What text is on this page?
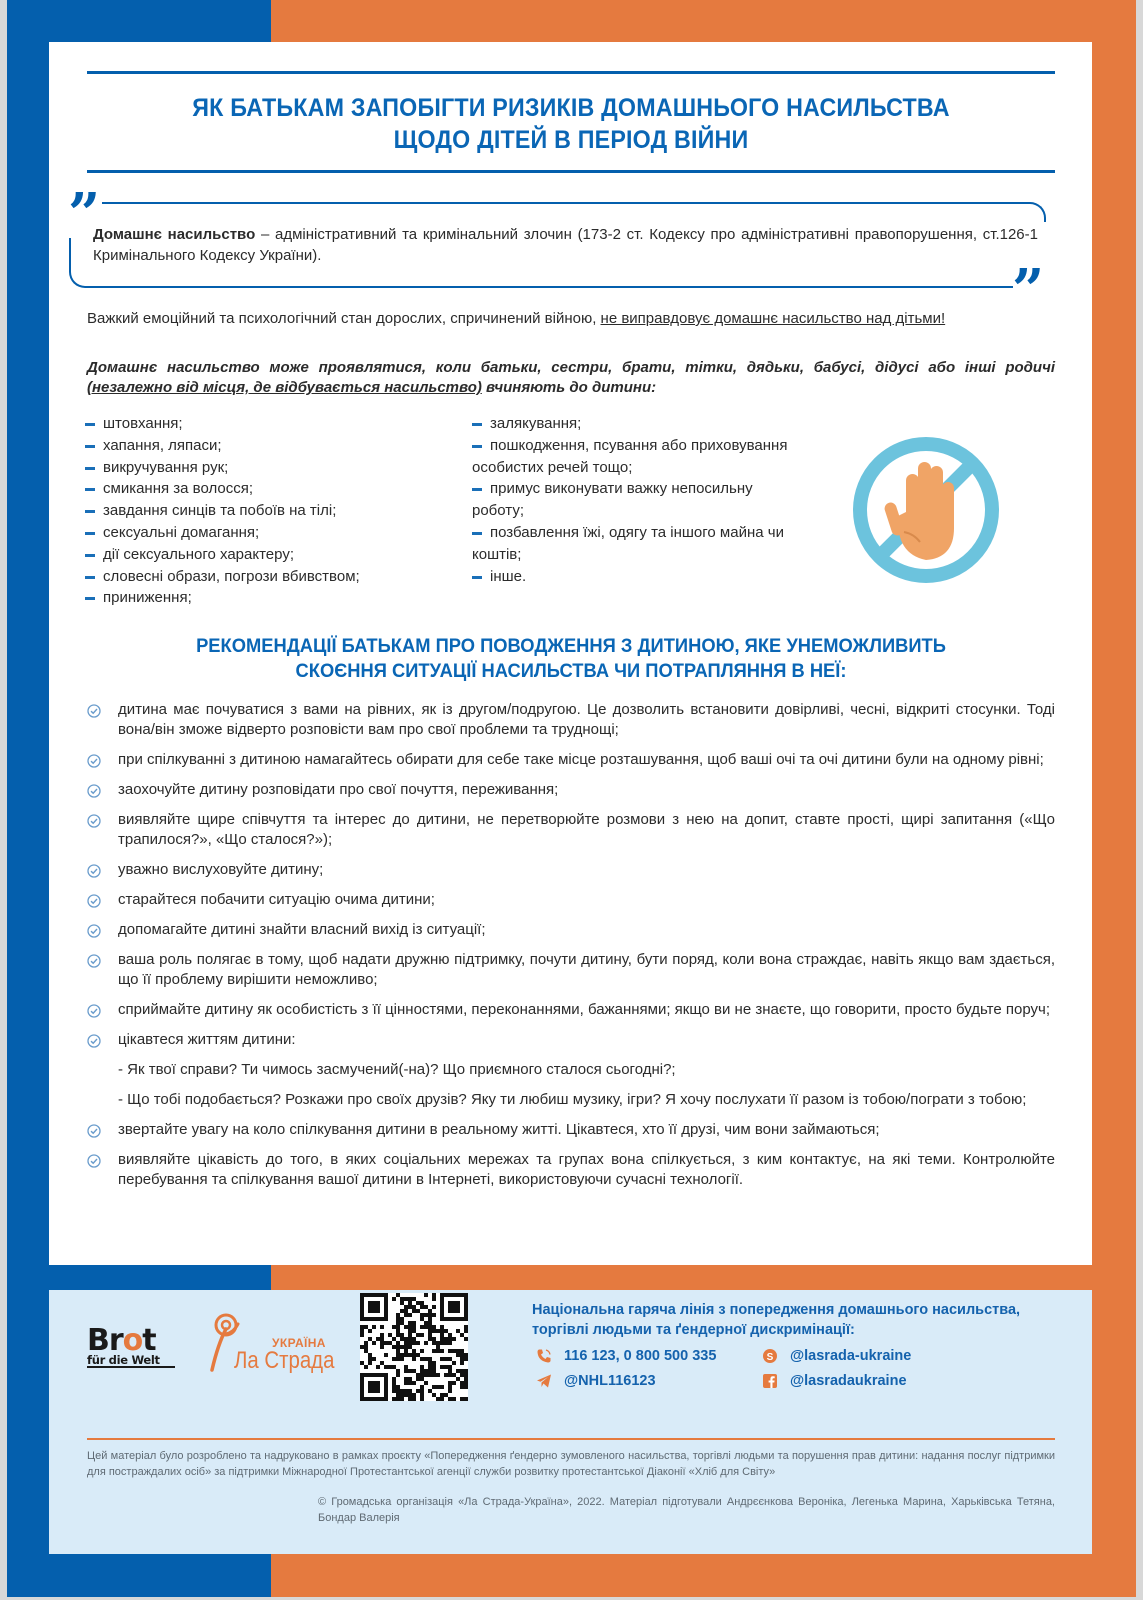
ЯК БАТЬКАМ ЗАПОБІГТИ РИЗИКІВ ДОМАШНЬОГО НАСИЛЬСТВА
ЩОДО ДІТЕЙ В ПЕРІОД ВІЙНИ
”
”
Домашнє насильство – адміністративний та кримінальний злочин (173-2 ст. Кодексу про адміністративні правопорушення, ст.126-1 Кримінального Кодексу України).
Важкий емоційний та психологічний стан дорослих, спричинений війною, не виправдовує домашнє насильство над дітьми!
Домашнє насильство може проявлятися, коли батьки, сестри, брати, тітки, дядьки, бабусі, дідусі або інші родичі (незалежно від місця, де відбувається насильство) вчиняють до дитини:
штовхання;
хапання, ляпаси;
викручування рук;
смикання за волосся;
завдання синців та побоїв на тілі;
сексуальні домагання;
дії сексуального характеру;
словесні образи, погрози вбивством;
приниження;
залякування;
пошкодження, псування або приховування особистих речей тощо;
примус виконувати важку непосильну роботу;
позбавлення їжі, одягу та іншого майна чи коштів;
інше.
РЕКОМЕНДАЦІЇ БАТЬКАМ ПРО ПОВОДЖЕННЯ З ДИТИНОЮ, ЯКЕ УНЕМОЖЛИВИТЬ
СКОЄННЯ СИТУАЦІЇ НАСИЛЬСТВА ЧИ ПОТРАПЛЯННЯ В НЕЇ:
дитина має почуватися з вами на рівних, як із другом/подругою. Це дозволить встановити довірливі, чесні, відкриті стосунки. Тоді вона/він зможе відверто розповісти вам про свої проблеми та труднощі;
при спілкуванні з дитиною намагайтесь обирати для себе таке місце розташування, щоб ваші очі та очі дитини були на одному рівні;
заохочуйте дитину розповідати про свої почуття, переживання;
виявляйте щире співчуття та інтерес до дитини, не перетворюйте розмови з нею на допит, ставте прості, щирі запитання («Що трапилося?», «Що сталося?»);
уважно вислуховуйте дитину;
старайтеся побачити ситуацію очима дитини;
допомагайте дитині знайти власний вихід із ситуації;
ваша роль полягає в тому, щоб надати дружню підтримку, почути дитину, бути поряд, коли вона страждає, навіть якщо вам здається, що її проблему вирішити неможливо;
сприймайте дитину як особистість з її цінностями, переконаннями, бажаннями; якщо ви не знаєте, що говорити, просто будьте поруч;
цікавтеся життям дитини:
- Як твої справи? Ти чимось засмучений(-на)? Що приємного сталося сьогодні?;
- Що тобі подобається? Розкажи про своїх друзів? Яку ти любиш музику, ігри? Я хочу послухати її разом із тобою/пограти з тобою;
звертайте увагу на коло спілкування дитини в реальному житті. Цікавтеся, хто її друзі, чим вони займаються;
виявляйте цікавість до того, в яких соціальних мережах та групах вона спілкується, з ким контактує, на які теми. Контролюйте перебування та спілкування вашої дитини в Інтернеті, використовуючи сучасні технології.
Brot
für die Welt
УКРАЇНА
Ла Страда
Національна гаряча лінія з попередження домашнього насильства, торгівлі людьми та ґендерної дискримінації:
116 123, 0 800 500 335
@NHL116123
S @lasrada-ukraine
@lasradaukraine
Цей матеріал було розроблено та надруковано в рамках проєкту «Попередження ґендерно зумовленого насильства, торгівлі людьми та порушення прав дитини: надання послуг підтримки для постраждалих осіб» за підтримки Міжнародної Протестантської агенції служби розвитку протестантської Діаконії «Хліб для Світу»
© Громадська організація «Ла Страда-Україна», 2022. Матеріал підготували Андрєєнкова Вероніка, Легенька Марина, Харьківська Тетяна, Бондар Валерія
